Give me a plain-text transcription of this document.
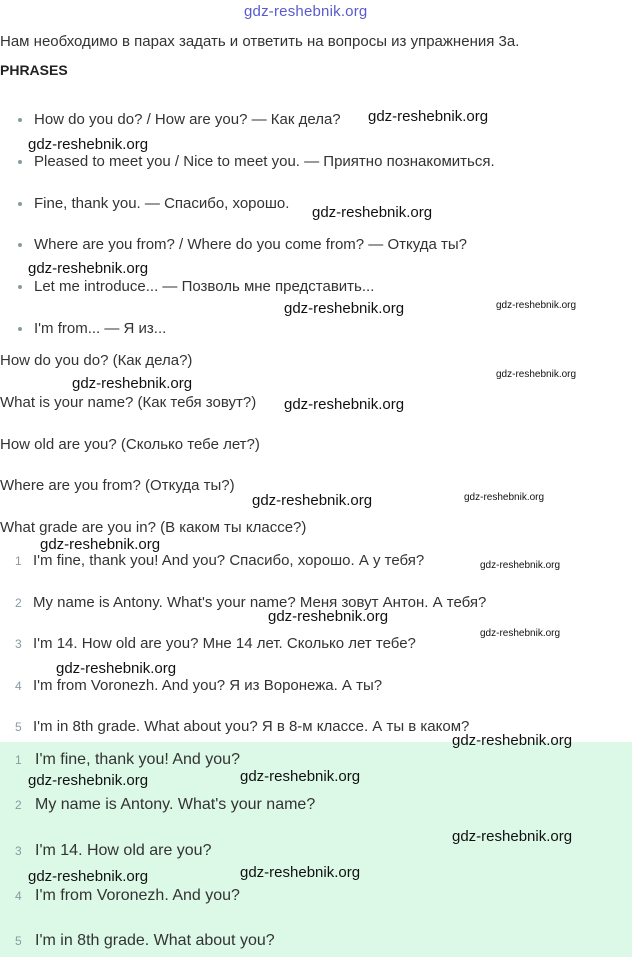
gdz-reshebnik.org
Нам необходимо в парах задать и ответить на вопросы из упражнения 3а.
PHRASES
How do you do? / How are you? — Как дела?
Pleased to meet you / Nice to meet you. — Приятно познакомиться.
Fine, thank you. — Спасибо, хорошо.
Where are you from? / Where do you come from? — Откуда ты?
Let me introduce... — Позволь мне представить...
I'm from... — Я из...
How do you do? (Как дела?)
What is your name? (Как тебя зовут?)
How old are you? (Сколько тебе лет?)
Where are you from? (Откуда ты?)
What grade are you in? (В каком ты классе?)
1 I'm fine, thank you! And you? Спасибо, хорошо. А у тебя?
2 My name is Antony. What's your name? Меня зовут Антон. А тебя?
3 I'm 14. How old are you? Мне 14 лет. Сколько лет тебе?
4 I'm from Voronezh. And you? Я из Воронежа. А ты?
5 I'm in 8th grade. What about you? Я в 8-м классе. А ты в каком?
1 I'm fine, thank you! And you?
2 My name is Antony. What's your name?
3 I'm 14. How old are you?
4 I'm from Voronezh. And you?
5 I'm in 8th grade. What about you?
gdz-reshebnik.org
gdz-reshebnik.org
gdz-reshebnik.org
gdz-reshebnik.org
gdz-reshebnik.org	gdz-reshebnik.org
gdz-reshebnik.org
gdz-reshebnik.org
gdz-reshebnik.org
gdz-reshebnik.org	gdz-reshebnik.org
gdz-reshebnik.org
gdz-reshebnik.org
gdz-reshebnik.org
gdz-reshebnik.org
gdz-reshebnik.org
gdz-reshebnik.org
gdz-reshebnik.org	gdz-reshebnik.org
gdz-reshebnik.org
gdz-reshebnik.org	gdz-reshebnik.org
